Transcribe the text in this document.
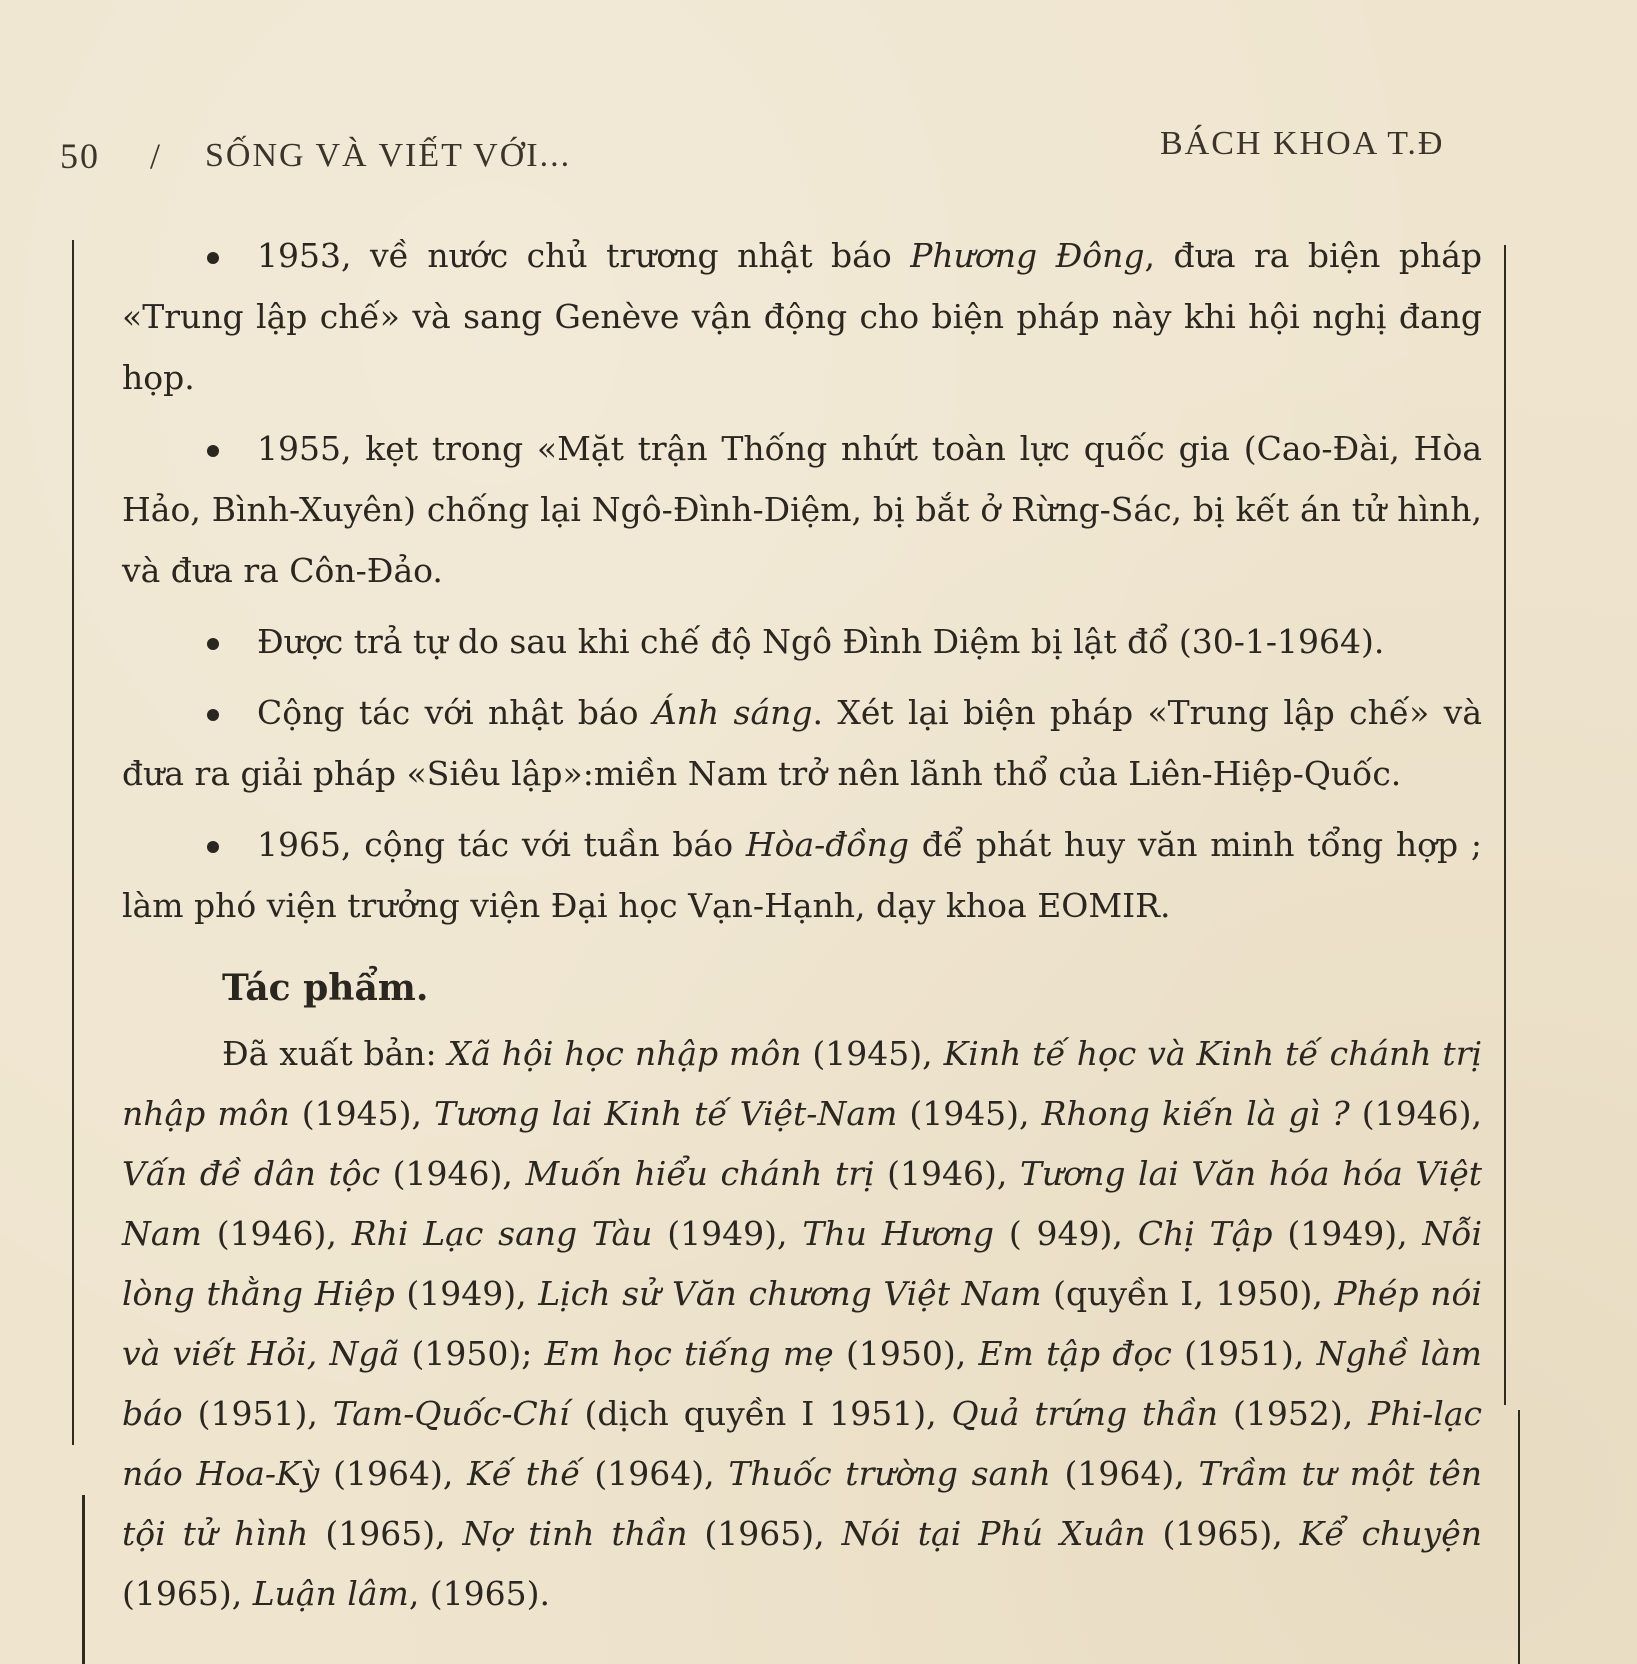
50 / SỐNG VÀ VIẾT VỚI...	BÁCH KHOA T.Đ

1953, về nước chủ trương nhật báo Phương Đông, đưa ra biện pháp «Trung lập chế» và sang Genève vận động cho biện pháp này khi hội nghị đang họp.

1955, kẹt trong «Mặt trận Thống nhứt toàn lực quốc gia (Cao-Đài, Hòa Hảo, Bình-Xuyên) chống lại Ngô-Đình-Diệm, bị bắt ở Rừng-Sác, bị kết án tử hình, và đưa ra Côn-Đảo.

Được trả tự do sau khi chế độ Ngô Đình Diệm bị lật đổ (30-1-1964).

Cộng tác với nhật báo Ánh sáng. Xét lại biện pháp «Trung lập chế» và đưa ra giải pháp «Siêu lập»:miền Nam trở nên lãnh thổ của Liên-Hiệp-Quốc.

1965, cộng tác với tuần báo Hòa-đồng để phát huy văn minh tổng hợp ; làm phó viện trưởng viện Đại học Vạn-Hạnh, dạy khoa EOMIR.

Tác phẩm.

Đã xuất bản: Xã hội học nhập môn (1945), Kinh tế học và Kinh tế chánh trị nhập môn (1945), Tương lai Kinh tế Việt-Nam (1945), Rhong kiến là gì ? (1946), Vấn đề dân tộc (1946), Muốn hiểu chánh trị (1946), Tương lai Văn hóa hóa Việt Nam (1946), Rhi Lạc sang Tàu (1949), Thu Hương ( 949), Chị Tập (1949), Nỗi lòng thằng Hiệp (1949), Lịch sử Văn chương Việt Nam (quyền I, 1950), Phép nói và viết Hỏi, Ngã (1950); Em học tiếng mẹ (1950), Em tập đọc (1951), Nghề làm báo (1951), Tam-Quốc-Chí (dịch quyền I 1951), Quả trứng thần (1952), Phi-lạc náo Hoa-Kỳ (1964), Kế thế (1964), Thuốc trường sanh (1964), Trầm tư một tên tội tử hình (1965), Nợ tinh thần (1965), Nói tại Phú Xuân (1965), Kể chuyện (1965), Luận lâm, (1965).
